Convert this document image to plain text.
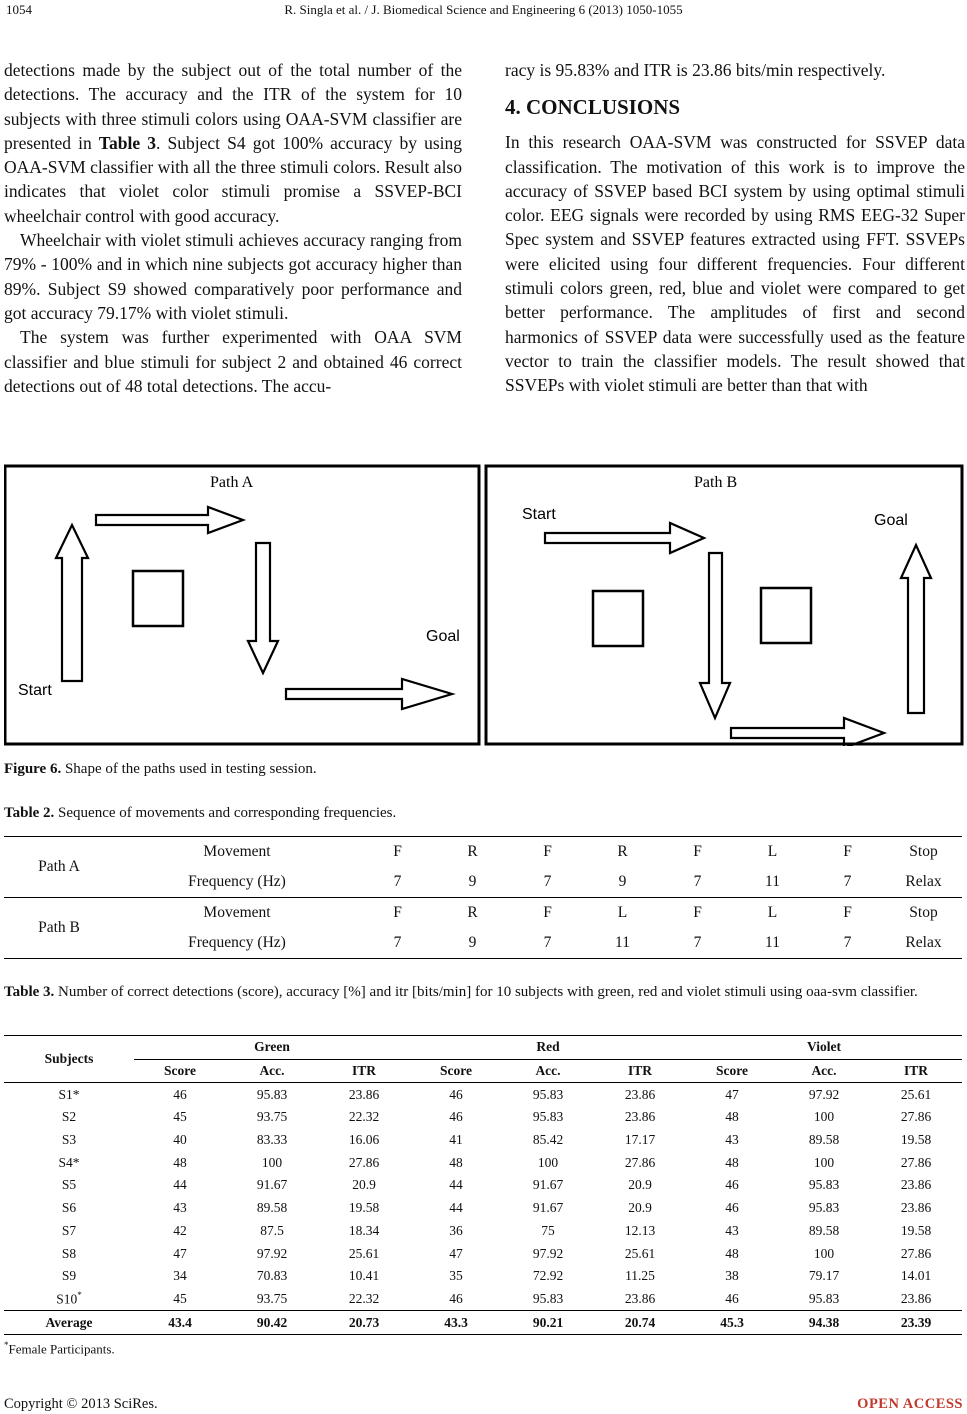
1054	R. Singla et al. / J. Biomedical Science and Engineering 6 (2013) 1050-1055

detections made by the subject out of the total number of the detections. The accuracy and the ITR of the system for 10 subjects with three stimuli colors using OAA-SVM classifier are presented in Table 3. Subject S4 got 100% accuracy by using OAA-SVM classifier with all the three stimuli colors. Result also indicates that violet color stimuli promise a SSVEP-BCI wheelchair control with good accuracy.

Wheelchair with violet stimuli achieves accuracy ranging from 79% - 100% and in which nine subjects got accuracy higher than 89%. Subject S9 showed comparatively poor performance and got accuracy 79.17% with violet stimuli.

The system was further experimented with OAA SVM classifier and blue stimuli for subject 2 and obtained 46 correct detections out of 48 total detections. The accu-

racy is 95.83% and ITR is 23.86 bits/min respectively.

4. CONCLUSIONS

In this research OAA-SVM was constructed for SSVEP data classification. The motivation of this work is to improve the accuracy of SSVEP based BCI system by using optimal stimuli color. EEG signals were recorded by using RMS EEG-32 Super Spec system and SSVEP features extracted using FFT. SSVEPs were elicited using four different frequencies. Four different stimuli colors green, red, blue and violet were compared to get better performance. The amplitudes of first and second harmonics of SSVEP data were successfully used as the feature vector to train the classifier models. The result showed that SSVEPs with violet stimuli are better than that with

Path A
Goal
Start
Path B
Start	Goal
Figure 6. Shape of the paths used in testing session.
Table 2. Sequence of movements and corresponding frequencies.
Path A	Movement	F	R	F	R	F	L	F	Stop
	Frequency (Hz)	7	9	7	9	7	11	7	Relax
Path B	Movement	F	R	F	L	F	L	F	Stop
	Frequency (Hz)	7	9	7	11	7	11	7	Relax
Table 3. Number of correct detections (score), accuracy [%] and itr [bits/min] for 10 subjects with green, red and violet stimuli using oaa-svm classifier.
Subjects	Green			Red			Violet		
	Score	Acc.	ITR	Score	Acc.	ITR	Score	Acc.	ITR
S1*	46	95.83	23.86	46	95.83	23.86	47	97.92	25.61
S2	45	93.75	22.32	46	95.83	23.86	48	100	27.86
S3	40	83.33	16.06	41	85.42	17.17	43	89.58	19.58
S4*	48	100	27.86	48	100	27.86	48	100	27.86
S5	44	91.67	20.9	44	91.67	20.9	46	95.83	23.86
S6	43	89.58	19.58	44	91.67	20.9	46	95.83	23.86
S7	42	87.5	18.34	36	75	12.13	43	89.58	19.58
S8	47	97.92	25.61	47	97.92	25.61	48	100	27.86
S9	34	70.83	10.41	35	72.92	11.25	38	79.17	14.01
S10*	45	93.75	22.32	46	95.83	23.86	46	95.83	23.86
Average	43.4	90.42	20.73	43.3	90.21	20.74	45.3	94.38	23.39
*Female Participants.
Copyright © 2013 SciRes.	OPEN ACCESS
